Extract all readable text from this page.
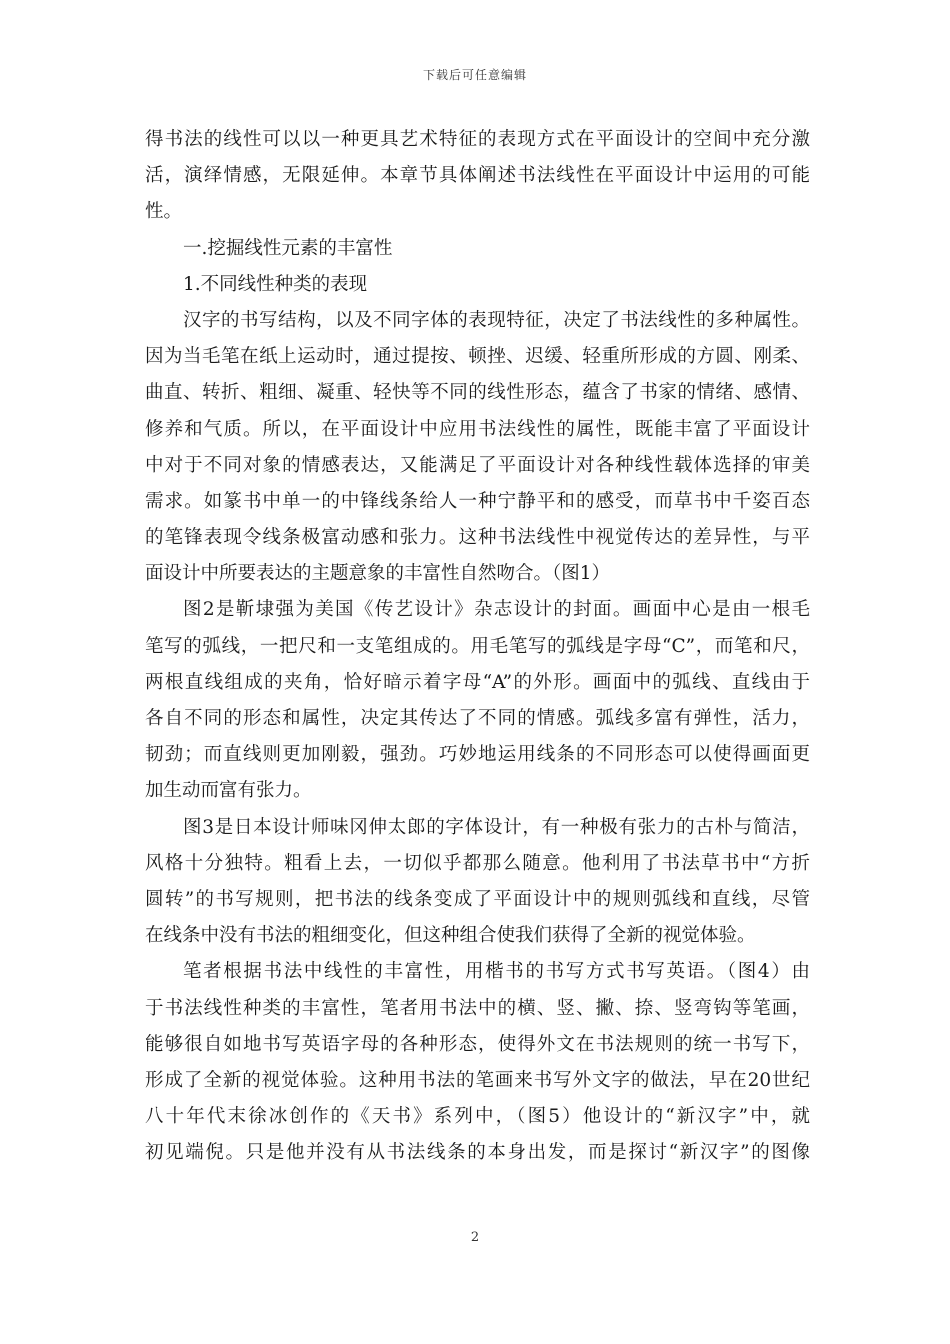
下载后可任意编辑
得书法的线性可以以一种更具艺术特征的表现方式在平面设计的空间中充分激
活，演绎情感，无限延伸。本章节具体阐述书法线性在平面设计中运用的可能
性。
一.挖掘线性元素的丰富性
1.不同线性种类的表现
汉字的书写结构，以及不同字体的表现特征，决定了书法线性的多种属性。
因为当毛笔在纸上运动时，通过提按、顿挫、迟缓、轻重所形成的方圆、刚柔、
曲直、转折、粗细、凝重、轻快等不同的线性形态，蕴含了书家的情绪、感情、
修养和气质。所以，在平面设计中应用书法线性的属性，既能丰富了平面设计
中对于不同对象的情感表达，又能满足了平面设计对各种线性载体选择的审美
需求。如篆书中单一的中锋线条给人一种宁静平和的感受，而草书中千姿百态
的笔锋表现令线条极富动感和张力。这种书法线性中视觉传达的差异性，与平
面设计中所要表达的主题意象的丰富性自然吻合。（图1）
图2是靳埭强为美国《传艺设计》杂志设计的封面。画面中心是由一根毛
笔写的弧线，一把尺和一支笔组成的。用毛笔写的弧线是字母“C”，而笔和尺，
两根直线组成的夹角，恰好暗示着字母“A”的外形。画面中的弧线、直线由于
各自不同的形态和属性，决定其传达了不同的情感。弧线多富有弹性，活力，
韧劲；而直线则更加刚毅，强劲。巧妙地运用线条的不同形态可以使得画面更
加生动而富有张力。
图3是日本设计师味冈伸太郎的字体设计，有一种极有张力的古朴与简洁，
风格十分独特。粗看上去，一切似乎都那么随意。他利用了书法草书中“方折
圆转”的书写规则，把书法的线条变成了平面设计中的规则弧线和直线，尽管
在线条中没有书法的粗细变化，但这种组合使我们获得了全新的视觉体验。
笔者根据书法中线性的丰富性，用楷书的书写方式书写英语。（图4）由
于书法线性种类的丰富性，笔者用书法中的横、竖、撇、捺、竖弯钩等笔画，
能够很自如地书写英语字母的各种形态，使得外文在书法规则的统一书写下，
形成了全新的视觉体验。这种用书法的笔画来书写外文字的做法，早在20世纪
八十年代末徐冰创作的《天书》系列中，（图5）他设计的“新汉字”中，就
初见端倪。只是他并没有从书法线条的本身出发，而是探讨“新汉字”的图像
2
